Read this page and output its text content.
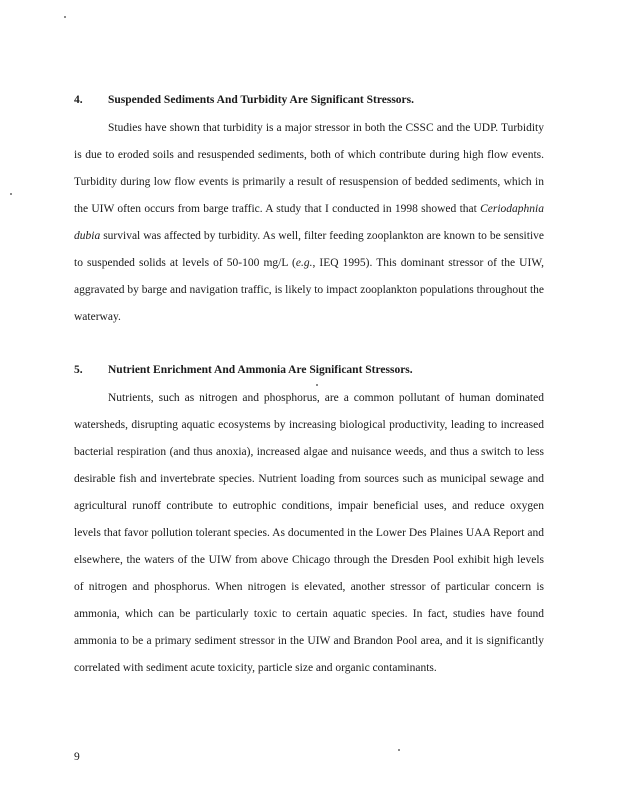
4. Suspended Sediments And Turbidity Are Significant Stressors.

Studies have shown that turbidity is a major stressor in both the CSSC and the UDP. Turbidity is due to eroded soils and resuspended sediments, both of which contribute during high flow events. Turbidity during low flow events is primarily a result of resuspension of bedded sediments, which in the UIW often occurs from barge traffic. A study that I conducted in 1998 showed that Ceriodaphnia dubia survival was affected by turbidity. As well, filter feeding zooplankton are known to be sensitive to suspended solids at levels of 50-100 mg/L (e.g., IEQ 1995). This dominant stressor of the UIW, aggravated by barge and navigation traffic, is likely to impact zooplankton populations throughout the waterway.

5. Nutrient Enrichment And Ammonia Are Significant Stressors.

Nutrients, such as nitrogen and phosphorus, are a common pollutant of human dominated watersheds, disrupting aquatic ecosystems by increasing biological productivity, leading to increased bacterial respiration (and thus anoxia), increased algae and nuisance weeds, and thus a switch to less desirable fish and invertebrate species. Nutrient loading from sources such as municipal sewage and agricultural runoff contribute to eutrophic conditions, impair beneficial uses, and reduce oxygen levels that favor pollution tolerant species. As documented in the Lower Des Plaines UAA Report and elsewhere, the waters of the UIW from above Chicago through the Dresden Pool exhibit high levels of nitrogen and phosphorus. When nitrogen is elevated, another stressor of particular concern is ammonia, which can be particularly toxic to certain aquatic species. In fact, studies have found ammonia to be a primary sediment stressor in the UIW and Brandon Pool area, and it is significantly correlated with sediment acute toxicity, particle size and organic contaminants.

9
